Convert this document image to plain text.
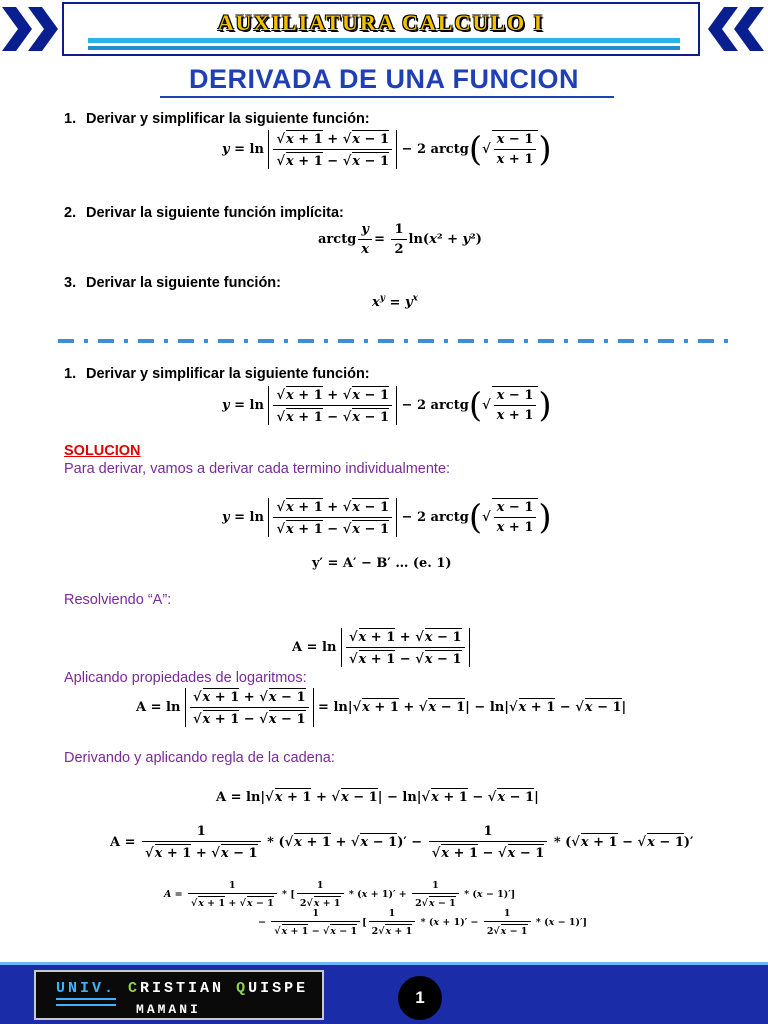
AUXILIATURA CALCULO I
DERIVADA DE UNA FUNCION
1. Derivar y simplificar la siguiente función:
$y = \ln \frac{√x + 1 + √x - 1}{√x + 1 - √x - 1} - 2$ arctg(√ $\frac{x - 1}{x + 1}$ )
2. Derivar la siguiente función implícita:
arctg $\frac{y}{x} = \frac{1}{2} \ln(x^2 + y^2)$
3. Derivar la siguiente función:
$x^y = y^x$
1. Derivar y simplificar la siguiente función:
$y = \ln \frac{√x + 1 + √x - 1}{√x + 1 - √x - 1} - 2$ arctg(√ $\frac{x - 1}{x + 1}$ )
SOLUCION
Para derivar, vamos a derivar cada termino individualmente:
$y = \ln \frac{√x + 1 + √x - 1}{√x + 1 - √x - 1} - 2$ arctg(√ $\frac{x - 1}{x + 1}$ )
y′ = A′ − B′ … (e. 1)
Resolviendo “A”:
$A = \ln \frac{√x + 1 + √x - 1}{√x + 1 - √x - 1}$
Aplicando propiedades de logaritmos:
$A = \ln \frac{√x + 1 + √x - 1}{√x + 1 - √x - 1} = \ln|√x + 1 + √x - 1| - \ln|√x + 1 - √x - 1|$
Derivando y aplicando regla de la cadena:
A = ln|√x + 1 + √x − 1| − ln|√x + 1 − √x − 1|
$A = \frac{1}{√x + 1 + √x - 1} * (√x + 1 + √x - 1)' - \frac{1}{√x + 1 - √x - 1} * (√x + 1 - √x - 1)'$
$A = \frac{1}{√x + 1 + √x - 1}$ * [ $\frac{1}{2√x + 1} * (x + 1)' + \frac{1}{2√x - 1} * (x - 1)'$]
− $\frac{1}{√x + 1 - √x - 1}$ [ $\frac{1}{2√x + 1} * (x + 1)' - \frac{1}{2√x - 1} * (x - 1)'$]
UNIV. CRISTIAN QUISPE
MAMANI
1
